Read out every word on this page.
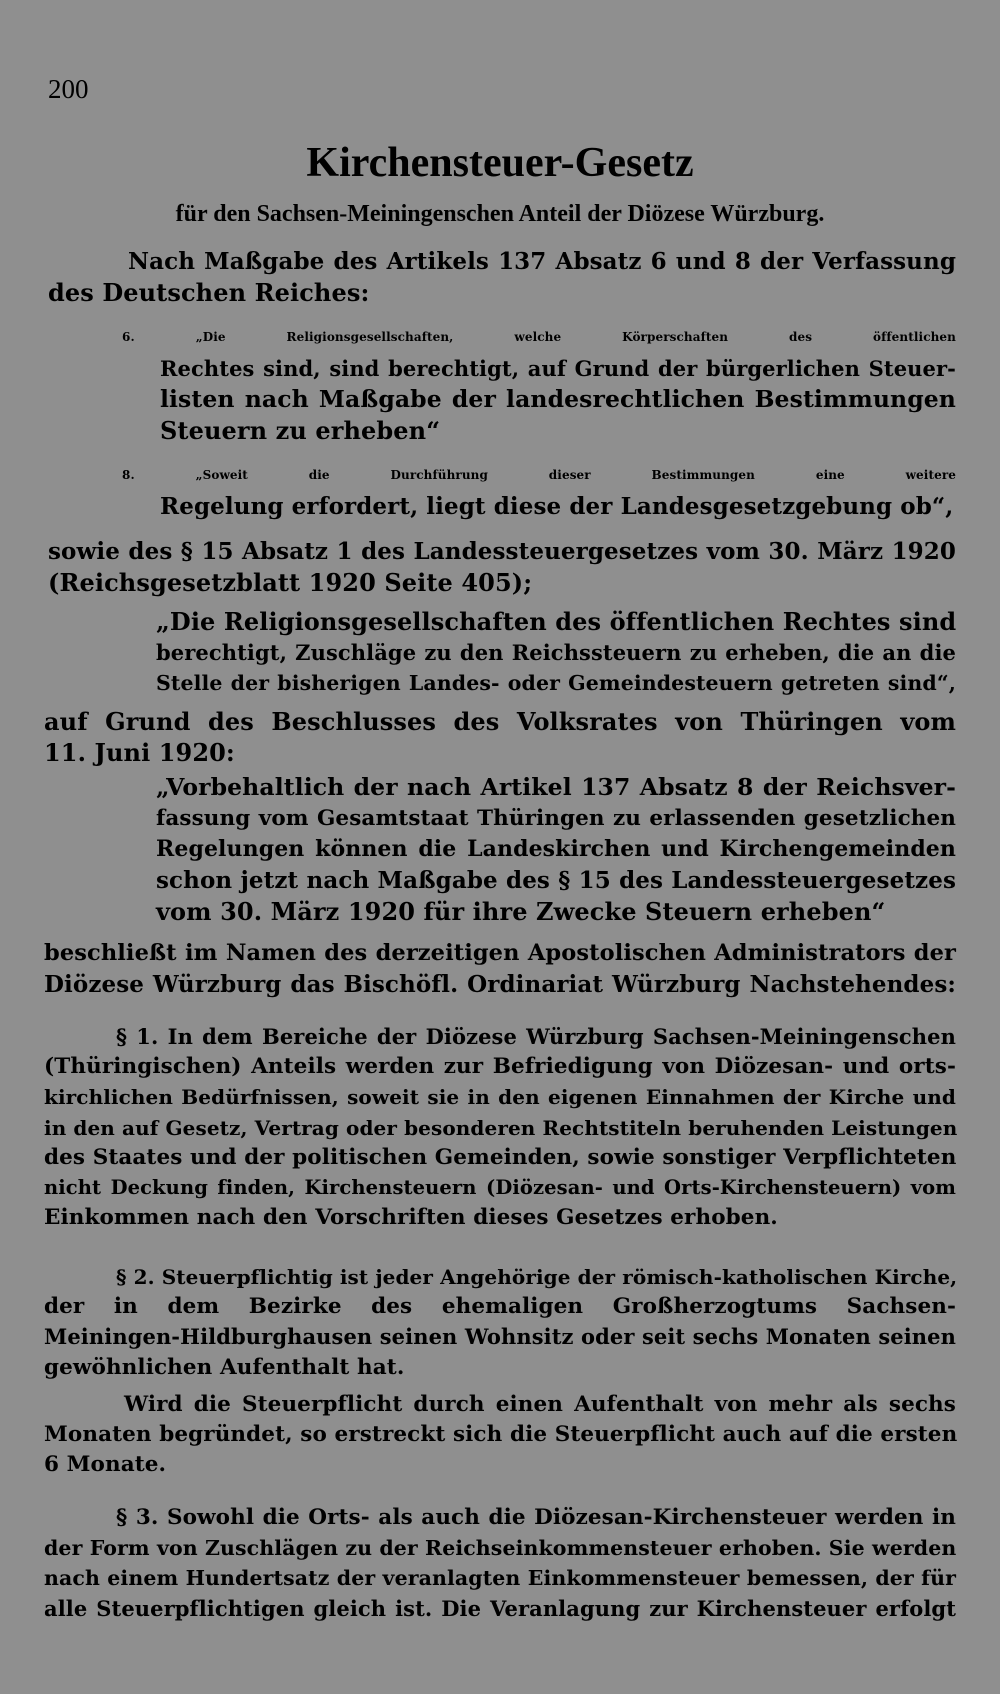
200
Kirchensteuer-Gesetz
für den Sachsen-Meiningenschen Anteil der Diözese Würzburg.
Nach Maßgabe des Artikels 137 Absatz 6 und 8 der Verfassung
des Deutschen Reiches:
6. „Die Religionsgesellschaften, welche Körperschaften des öffentlichen
Rechtes sind, sind berechtigt, auf Grund der bürgerlichen Steuer-
listen nach Maßgabe der landesrechtlichen Bestimmungen
Steuern zu erheben“
8. „Soweit die Durchführung dieser Bestimmungen eine weitere
Regelung erfordert, liegt diese der Landesgesetzgebung ob“,
sowie des § 15 Absatz 1 des Landessteuergesetzes vom 30. März 1920
(Reichsgesetzblatt 1920 Seite 405);
„Die Religionsgesellschaften des öffentlichen Rechtes sind
berechtigt, Zuschläge zu den Reichssteuern zu erheben, die an die
Stelle der bisherigen Landes- oder Gemeindesteuern getreten sind“,
auf Grund des Beschlusses des Volksrates von Thüringen vom
11. Juni 1920:
„Vorbehaltlich der nach Artikel 137 Absatz 8 der Reichsver-
fassung vom Gesamtstaat Thüringen zu erlassenden gesetzlichen
Regelungen können die Landeskirchen und Kirchengemeinden
schon jetzt nach Maßgabe des § 15 des Landessteuergesetzes
vom 30. März 1920 für ihre Zwecke Steuern erheben“
beschließt im Namen des derzeitigen Apostolischen Administrators der
Diözese Würzburg das Bischöfl. Ordinariat Würzburg Nachstehendes:
§ 1. In dem Bereiche der Diözese Würzburg Sachsen-Meiningenschen
(Thüringischen) Anteils werden zur Befriedigung von Diözesan- und orts-
kirchlichen Bedürfnissen, soweit sie in den eigenen Einnahmen der Kirche und
in den auf Gesetz, Vertrag oder besonderen Rechtstiteln beruhenden Leistungen
des Staates und der politischen Gemeinden, sowie sonstiger Verpflichteten
nicht Deckung finden, Kirchensteuern (Diözesan- und Orts-Kirchensteuern) vom
Einkommen nach den Vorschriften dieses Gesetzes erhoben.
§ 2. Steuerpflichtig ist jeder Angehörige der römisch-katholischen Kirche,
der in dem Bezirke des ehemaligen Großherzogtums Sachsen-
Meiningen-Hildburghausen seinen Wohnsitz oder seit sechs Monaten seinen
gewöhnlichen Aufenthalt hat.
Wird die Steuerpflicht durch einen Aufenthalt von mehr als sechs
Monaten begründet, so erstreckt sich die Steuerpflicht auch auf die ersten
6 Monate.
§ 3. Sowohl die Orts- als auch die Diözesan-Kirchensteuer werden in
der Form von Zuschlägen zu der Reichseinkommensteuer erhoben. Sie werden
nach einem Hundertsatz der veranlagten Einkommensteuer bemessen, der für
alle Steuerpflichtigen gleich ist. Die Veranlagung zur Kirchensteuer erfolgt
